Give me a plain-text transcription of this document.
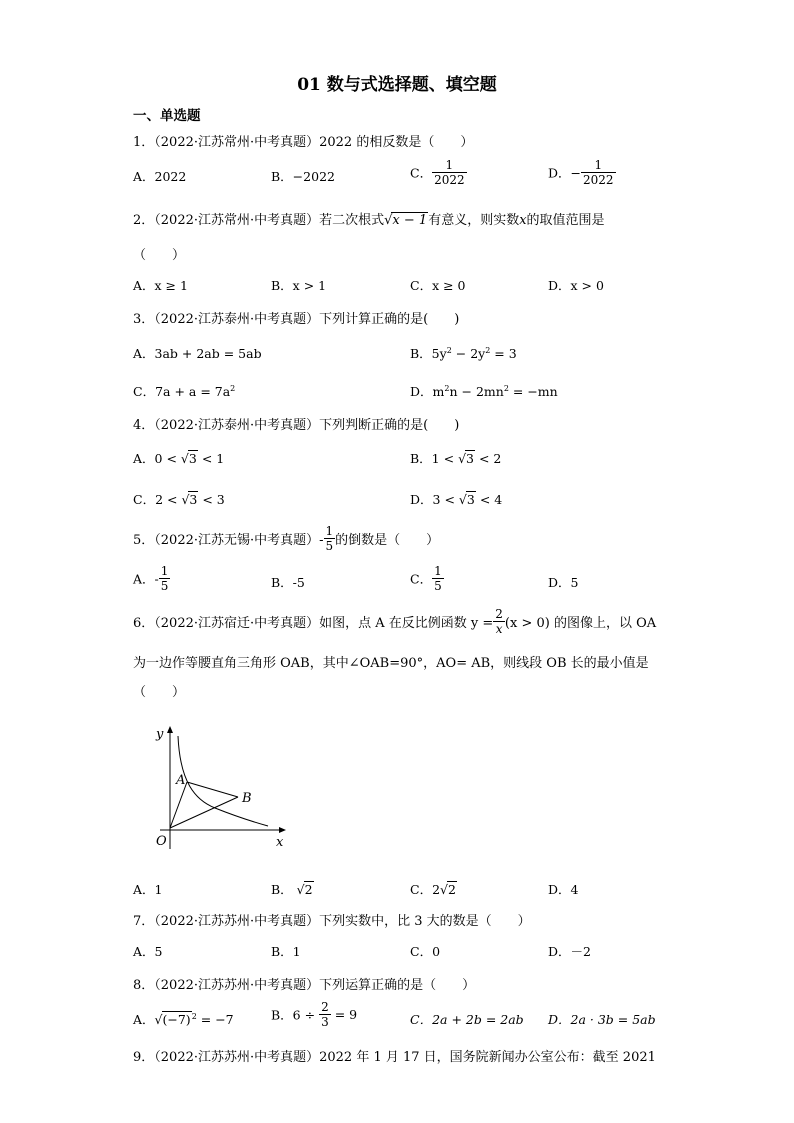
01 数与式选择题、填空题
一、单选题
1．（2022·江苏常州·中考真题）2022 的相反数是（　　）
A．2022	B．−2022	C． $\frac{1}{2022}$	D．− $\frac{1}{2022}$
2．（2022·江苏常州·中考真题）若二次根式√x − 1有意义，则实数x的取值范围是
（　　）
A．x ≥ 1	B．x > 1	C．x ≥ 0	D．x > 0
3．（2022·江苏泰州·中考真题）下列计算正确的是(　　)
A．3ab + 2ab = 5ab	B．$5y^2 - 2y^2 = 3$
C．$7a + a = 7a^2$	D．$m^2n - 2mn^2 = -mn$
4．（2022·江苏泰州·中考真题）下列判断正确的是(　　)
A．0 < √3 < 1	B．1 < √3 < 2
C．2 < √3 < 3	D．3 < √3 < 4
5．（2022·江苏无锡·中考真题）- $\frac{1}{5}$ 的倒数是（　　）
A．- $\frac{1}{5}$	B．-5	C． $\frac{1}{5}$	D．5
6．（2022·江苏宿迁·中考真题）如图，点 A 在反比例函数 $y = \frac{2}{x} (x > 0)$ 的图像上，以 OA
为一边作等腰直角三角形 OAB，其中∠OAB=90°，AO= AB，则线段 OB 长的最小值是
（　　）
y
x
O
A
B
A．1	B． √2	C．2√2	D．4
7．（2022·江苏苏州·中考真题）下列实数中，比 3 大的数是（　　）
A．5	B．1	C．0	D．－2
8．（2022·江苏苏州·中考真题）下列运算正确的是（　　）
A．$√(-7)^2 = -7$	B．$6 \div \frac{2}{3} = 9$	C．2a + 2b = 2ab D．2a · 3b = 5ab
9．（2022·江苏苏州·中考真题）2022 年 1 月 17 日，国务院新闻办公室公布：截至 2021
